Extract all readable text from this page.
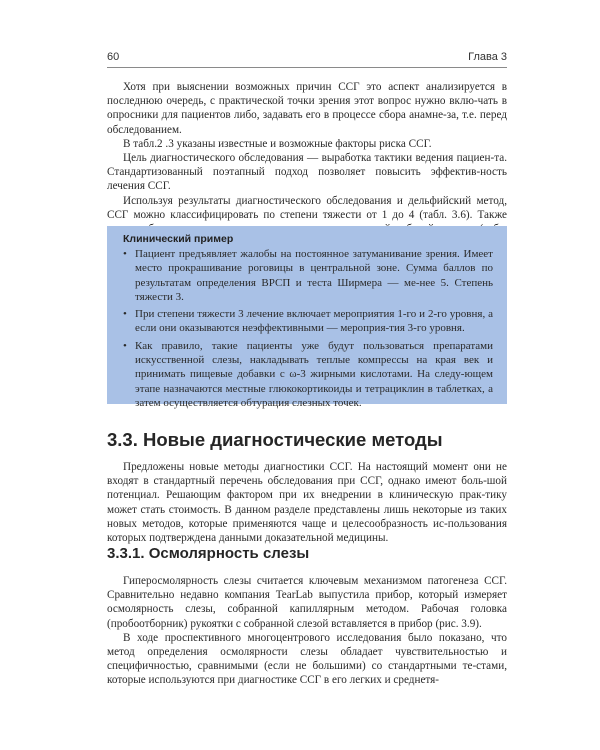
60	Глава 3

Хотя при выяснении возможных причин ССГ это аспект анализируется в последнюю очередь, с практической точки зрения этот вопрос нужно вклю-чать в опросники для пациентов либо, задавать его в процессе сбора анамне-за, т.е. перед обследованием.

В табл.2 .3 указаны известные и возможные факторы риска ССГ.

Цель диагностического обследования — выработка тактики ведения пациен-та. Стандартизованный поэтапный подход позволяет повысить эффектив-ность лечения ССГ.

Используя результаты диагностического обследования и дельфийский метод, ССГ можно классифицировать по степени тяжести от 1 до 4 (табл. 3.6). Также

Клинический пример
• Пациент предъявляет жалобы на постоянное затуманивание зрения. Имеет место прокрашивание роговицы в центральной зоне. Сумма баллов по результатам определения ВРСП и теста Ширмера — ме-нее 5. Степень тяжести 3.
• При степени тяжести 3 лечение включает мероприятия 1-го и 2-го уровня, а если они оказываются неэффективными — мероприя-тия 3-го уровня.
• Как правило, такие пациенты уже будут пользоваться препаратами искусственной слезы, накладывать теплые компрессы на края век и принимать пищевые добавки с ω-3 жирными кислотами. На следу-ющем этапе назначаются местные глюкокортикоиды и тетрациклин в таблетках, а затем осуществляется обтурация слезных точек.
3.3. Новые диагностические методы

Предложены новые методы диагностики ССГ. На настоящий момент они не входят в стандартный перечень обследования при ССГ, однако имеют боль-шой потенциал. Решающим фактором при их внедрении в клиническую прак-тику может стать стоимость. В данном разделе представлены лишь некоторые из таких новых методов, которые применяются чаще и целесообразность ис-пользования которых подтверждена данными доказательной медицины.

3.3.1. Осмолярность слезы

Гиперосмолярность слезы считается ключевым механизмом патогенеза ССГ. Сравнительно недавно компания TearLab выпустила прибор, который измеряет осмолярность слезы, собранной капиллярным методом. Рабочая головка (пробоотборник) рукоятки с собранной слезой вставляется в прибор (рис. 3.9).

В ходе проспективного многоцентрового исследования было показано, что метод определения осмолярности слезы обладает чувствительностью и специфичностью, сравнимыми (если не большими) со стандартными те-стами, которые используются при диагностике ССГ в его легких и среднетя-
